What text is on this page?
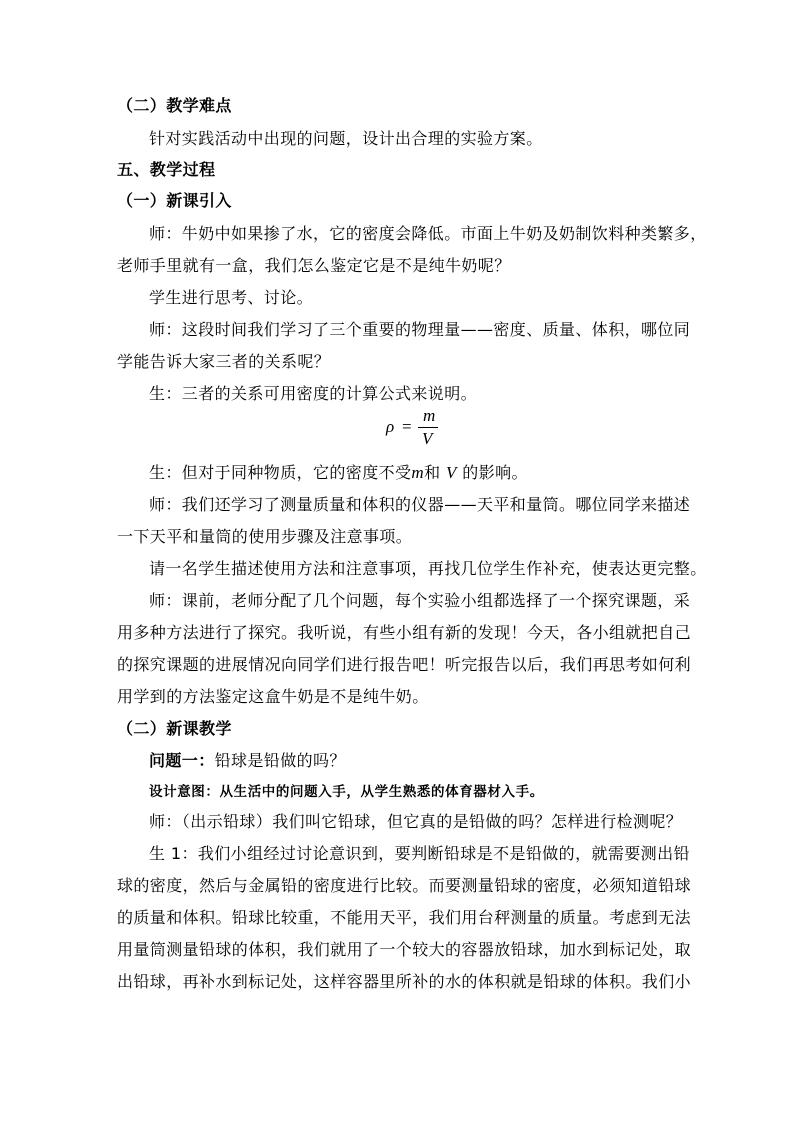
（二）教学难点
针对实践活动中出现的问题，设计出合理的实验方案。
五、教学过程
（一）新课引入
师：牛奶中如果掺了水，它的密度会降低。市面上牛奶及奶制饮料种类繁多，
老师手里就有一盒，我们怎么鉴定它是不是纯牛奶呢？
学生进行思考、讨论。
师：这段时间我们学习了三个重要的物理量——密度、质量、体积，哪位同
学能告诉大家三者的关系呢？
生：三者的关系可用密度的计算公式来说明。
ρ =
m
V
生：但对于同种物质，它的密度不受m和 V 的影响。
师：我们还学习了测量质量和体积的仪器——天平和量筒。哪位同学来描述
一下天平和量筒的使用步骤及注意事项。
请一名学生描述使用方法和注意事项，再找几位学生作补充，使表达更完整。
师：课前，老师分配了几个问题，每个实验小组都选择了一个探究课题，采
用多种方法进行了探究。我听说，有些小组有新的发现！今天，各小组就把自己
的探究课题的进展情况向同学们进行报告吧！听完报告以后，我们再思考如何利
用学到的方法鉴定这盒牛奶是不是纯牛奶。
（二）新课教学
问题一：铅球是铅做的吗？
设计意图：从生活中的问题入手，从学生熟悉的体育器材入手。
师：（出示铅球）我们叫它铅球，但它真的是铅做的吗？怎样进行检测呢？
生 1：我们小组经过讨论意识到，要判断铅球是不是铅做的，就需要测出铅
球的密度，然后与金属铅的密度进行比较。而要测量铅球的密度，必须知道铅球
的质量和体积。铅球比较重，不能用天平，我们用台秤测量的质量。考虑到无法
用量筒测量铅球的体积，我们就用了一个较大的容器放铅球，加水到标记处，取
出铅球，再补水到标记处，这样容器里所补的水的体积就是铅球的体积。我们小
